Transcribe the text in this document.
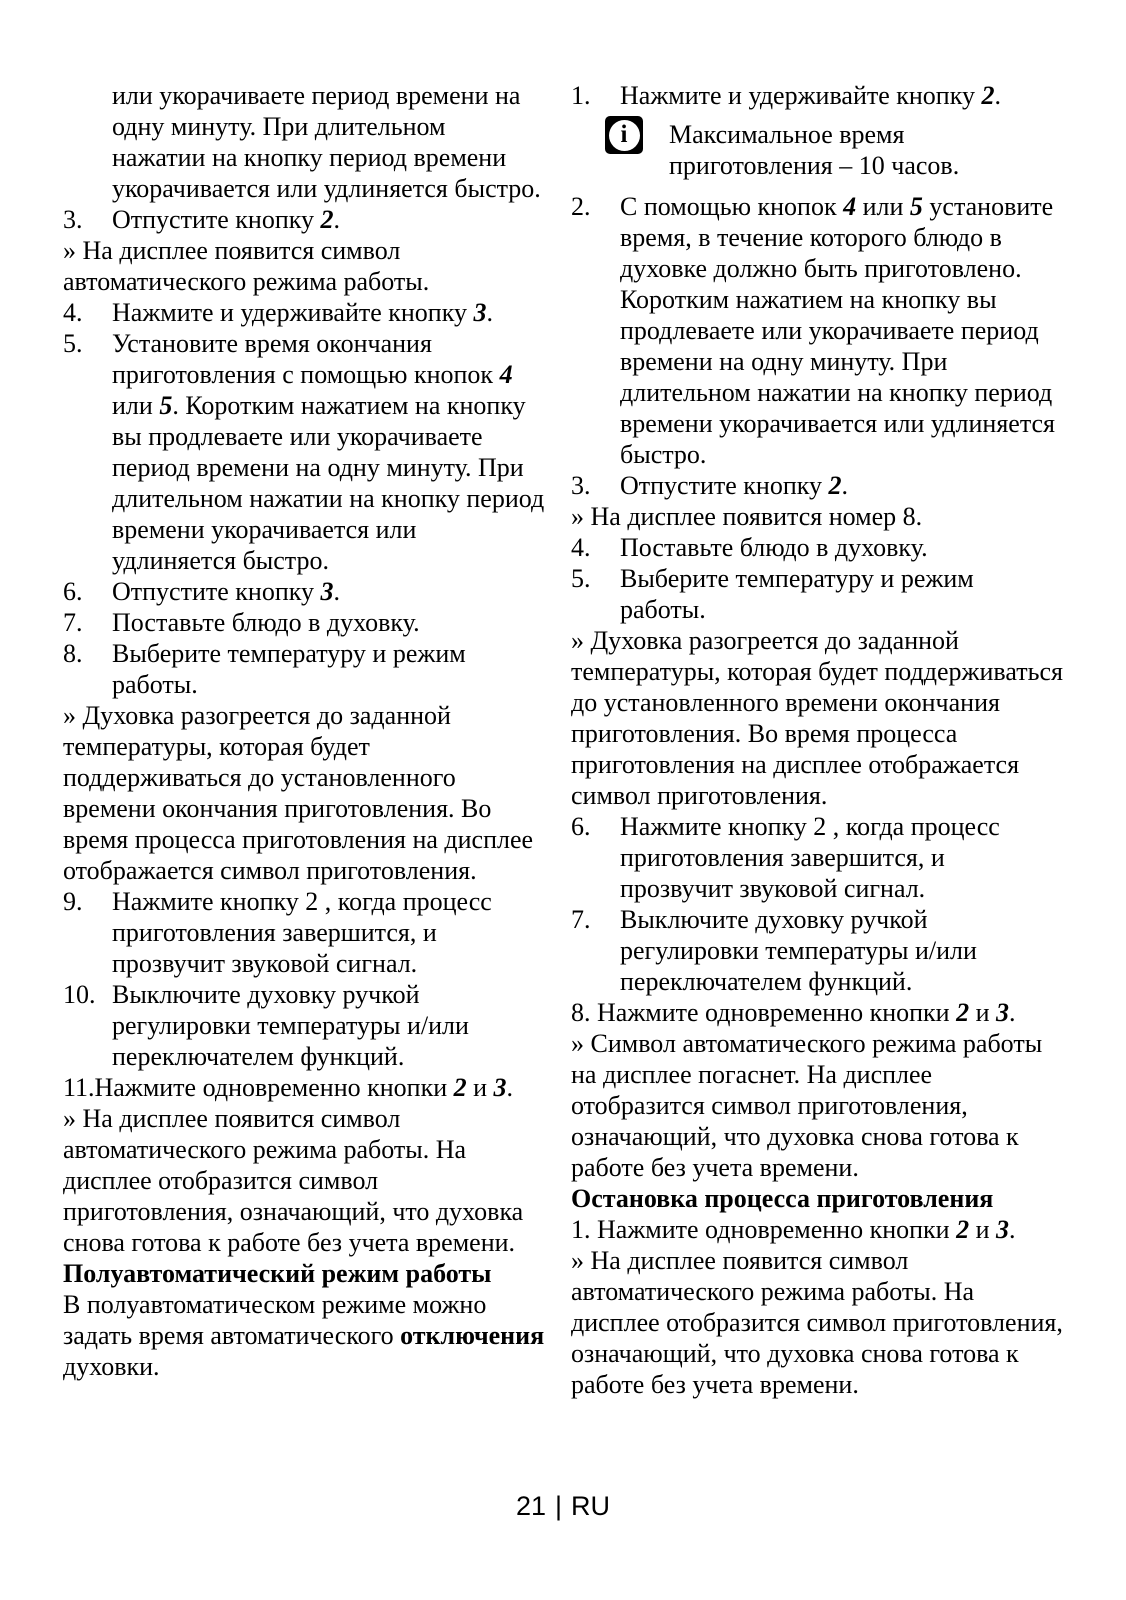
или укорачиваете период времени на одну минуту. При длительном нажатии на кнопку период времени укорачивается или удлиняется быстро.
3. Отпустите кнопку 2.
» На дисплее появится символ автоматического режима работы.
4. Нажмите и удерживайте кнопку 3.
5. Установите время окончания приготовления с помощью кнопок 4 или 5. Коротким нажатием на кнопку вы продлеваете или укорачиваете период времени на одну минуту. При длительном нажатии на кнопку период времени укорачивается или удлиняется быстро.
6. Отпустите кнопку 3.
7. Поставьте блюдо в духовку.
8. Выберите температуру и режим работы.
» Духовка разогреется до заданной температуры, которая будет поддерживаться до установленного времени окончания приготовления. Во время процесса приготовления на дисплее отображается символ приготовления.
9. Нажмите кнопку 2 , когда процесс приготовления завершится, и прозвучит звуковой сигнал.
10. Выключите духовку ручкой регулировки температуры и/или переключателем функций.
11.Нажмите одновременно кнопки 2 и 3.
» На дисплее появится символ автоматического режима работы. На дисплее отобразится символ приготовления, означающий, что духовка снова готова к работе без учета времени.
Полуавтоматический режим работы
В полуавтоматическом режиме можно задать время автоматического отключения духовки.
1. Нажмите и удерживайте кнопку 2.
i Максимальное время приготовления – 10 часов.
2. С помощью кнопок 4 или 5 установите время, в течение которого блюдо в духовке должно быть приготовлено. Коротким нажатием на кнопку вы продлеваете или укорачиваете период времени на одну минуту. При длительном нажатии на кнопку период времени укорачивается или удлиняется быстро.
3. Отпустите кнопку 2.
» На дисплее появится номер 8.
4. Поставьте блюдо в духовку.
5. Выберите температуру и режим работы.
» Духовка разогреется до заданной температуры, которая будет поддерживаться до установленного времени окончания приготовления. Во время процесса приготовления на дисплее отображается символ приготовления.
6. Нажмите кнопку 2 , когда процесс приготовления завершится, и прозвучит звуковой сигнал.
7. Выключите духовку ручкой регулировки температуры и/или переключателем функций.
8. Нажмите одновременно кнопки 2 и 3.
» Символ автоматического режима работы на дисплее погаснет. На дисплее отобразится символ приготовления, означающий, что духовка снова готова к работе без учета времени.
Остановка процесса приготовления
1. Нажмите одновременно кнопки 2 и 3.
» На дисплее появится символ автоматического режима работы. На дисплее отобразится символ приготовления, означающий, что духовка снова готова к работе без учета времени.
21 | RU
